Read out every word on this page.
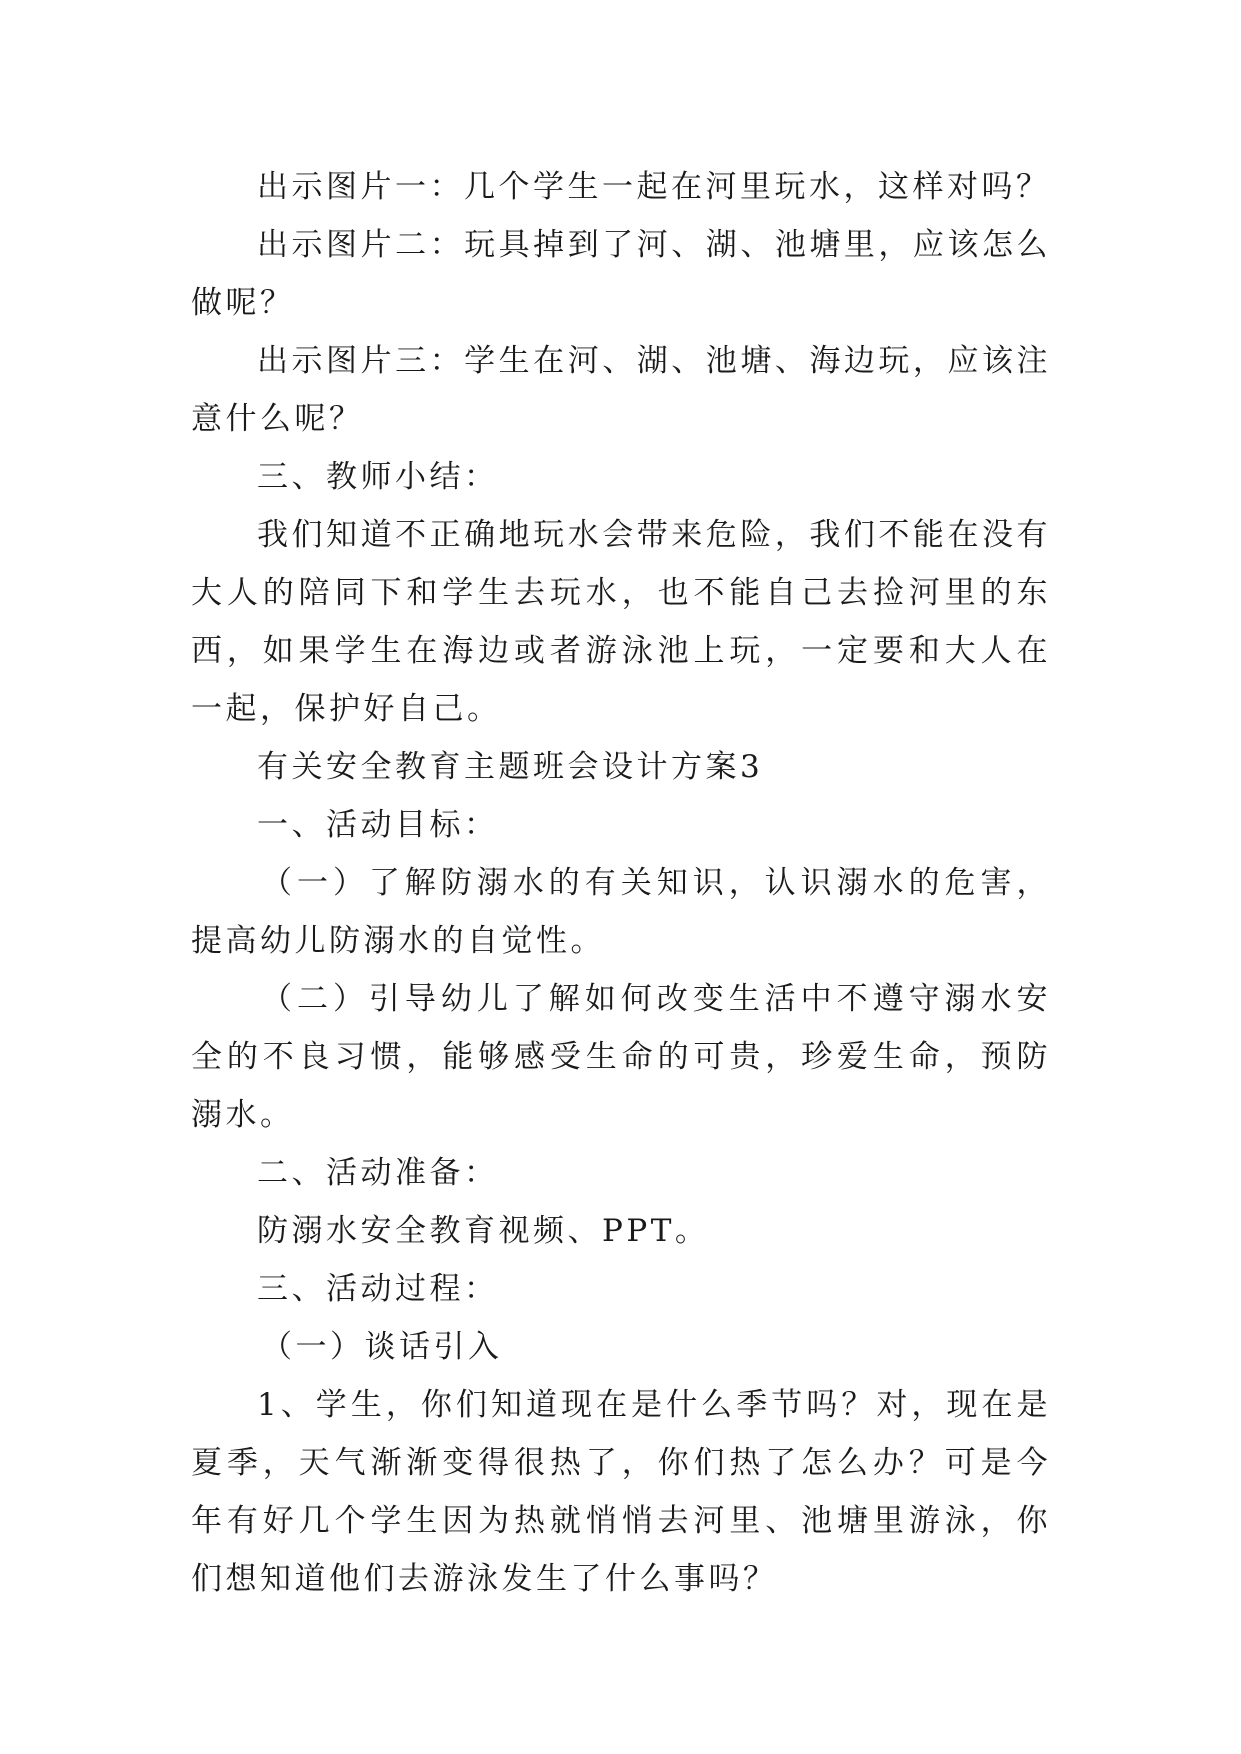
出示图片一：几个学生一起在河里玩水，这样对吗？

出示图片二：玩具掉到了河、湖、池塘里，应该怎么做呢？

出示图片三：学生在河、湖、池塘、海边玩，应该注意什么呢？

三、教师小结：

我们知道不正确地玩水会带来危险，我们不能在没有大人的陪同下和学生去玩水，也不能自己去捡河里的东西，如果学生在海边或者游泳池上玩，一定要和大人在一起，保护好自己。

有关安全教育主题班会设计方案3

一、活动目标：

（一）了解防溺水的有关知识，认识溺水的危害，提高幼儿防溺水的自觉性。

（二）引导幼儿了解如何改变生活中不遵守溺水安全的不良习惯，能够感受生命的可贵，珍爱生命，预防溺水。

二、活动准备：

防溺水安全教育视频、PPT。

三、活动过程：

（一）谈话引入

1、学生，你们知道现在是什么季节吗？对，现在是夏季，天气渐渐变得很热了，你们热了怎么办？可是今年有好几个学生因为热就悄悄去河里、池塘里游泳，你们想知道他们去游泳发生了什么事吗？
